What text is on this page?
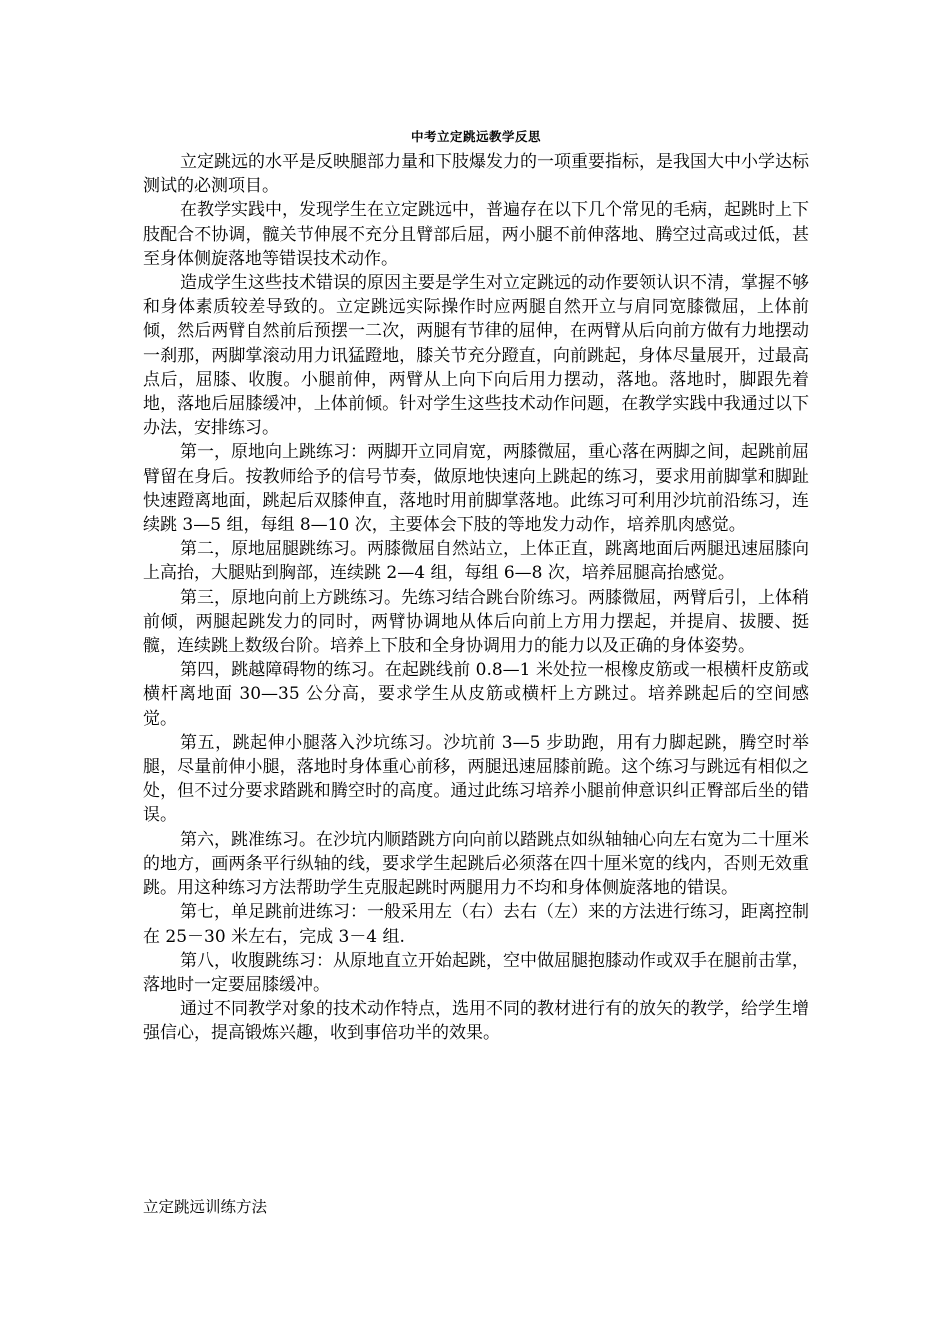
中考立定跳远教学反思

立定跳远的水平是反映腿部力量和下肢爆发力的一项重要指标，是我国大中小学达标测试的必测项目。

在教学实践中，发现学生在立定跳远中，普遍存在以下几个常见的毛病，起跳时上下肢配合不协调，髋关节伸展不充分且臂部后屈，两小腿不前伸落地、腾空过高或过低，甚至身体侧旋落地等错误技术动作。

造成学生这些技术错误的原因主要是学生对立定跳远的动作要领认识不清，掌握不够和身体素质较差导致的。立定跳远实际操作时应两腿自然开立与肩同宽膝微屈，上体前倾，然后两臂自然前后预摆一二次，两腿有节律的屈伸，在两臂从后向前方做有力地摆动一刹那，两脚掌滚动用力讯猛蹬地，膝关节充分蹬直，向前跳起，身体尽量展开，过最高点后，屈膝、收腹。小腿前伸，两臂从上向下向后用力摆动，落地。落地时，脚跟先着地，落地后屈膝缓冲，上体前倾。针对学生这些技术动作问题，在教学实践中我通过以下办法，安排练习。

第一，原地向上跳练习：两脚开立同肩宽，两膝微屈，重心落在两脚之间，起跳前屈臂留在身后。按教师给予的信号节奏，做原地快速向上跳起的练习，要求用前脚掌和脚趾快速蹬离地面，跳起后双膝伸直，落地时用前脚掌落地。此练习可利用沙坑前沿练习，连续跳 3—5 组，每组 8—10 次，主要体会下肢的等地发力动作，培养肌肉感觉。

第二，原地屈腿跳练习。两膝微屈自然站立，上体正直，跳离地面后两腿迅速屈膝向上高抬，大腿贴到胸部，连续跳 2—4 组，每组 6—8 次，培养屈腿高抬感觉。

第三，原地向前上方跳练习。先练习结合跳台阶练习。两膝微屈，两臂后引，上体稍前倾，两腿起跳发力的同时，两臂协调地从体后向前上方用力摆起，并提肩、拔腰、挺髋，连续跳上数级台阶。培养上下肢和全身协调用力的能力以及正确的身体姿势。

第四，跳越障碍物的练习。在起跳线前 0.8—1 米处拉一根橡皮筋或一根横杆皮筋或横杆离地面 30—35 公分高，要求学生从皮筋或横杆上方跳过。培养跳起后的空间感觉。

第五，跳起伸小腿落入沙坑练习。沙坑前 3—5 步助跑，用有力脚起跳，腾空时举腿，尽量前伸小腿，落地时身体重心前移，两腿迅速屈膝前跪。这个练习与跳远有相似之处，但不过分要求踏跳和腾空时的高度。通过此练习培养小腿前伸意识纠正臀部后坐的错误。

第六，跳准练习。在沙坑内顺踏跳方向向前以踏跳点如纵轴轴心向左右宽为二十厘米的地方，画两条平行纵轴的线，要求学生起跳后必须落在四十厘米宽的线内，否则无效重跳。用这种练习方法帮助学生克服起跳时两腿用力不均和身体侧旋落地的错误。

第七，单足跳前进练习：一般采用左（右）去右（左）来的方法进行练习，距离控制在 25－30 米左右，完成 3－4 组.

第八，收腹跳练习：从原地直立开始起跳，空中做屈腿抱膝动作或双手在腿前击掌，落地时一定要屈膝缓冲。

通过不同教学对象的技术动作特点，选用不同的教材进行有的放矢的教学，给学生增强信心，提高锻炼兴趣，收到事倍功半的效果。

立定跳远训练方法
